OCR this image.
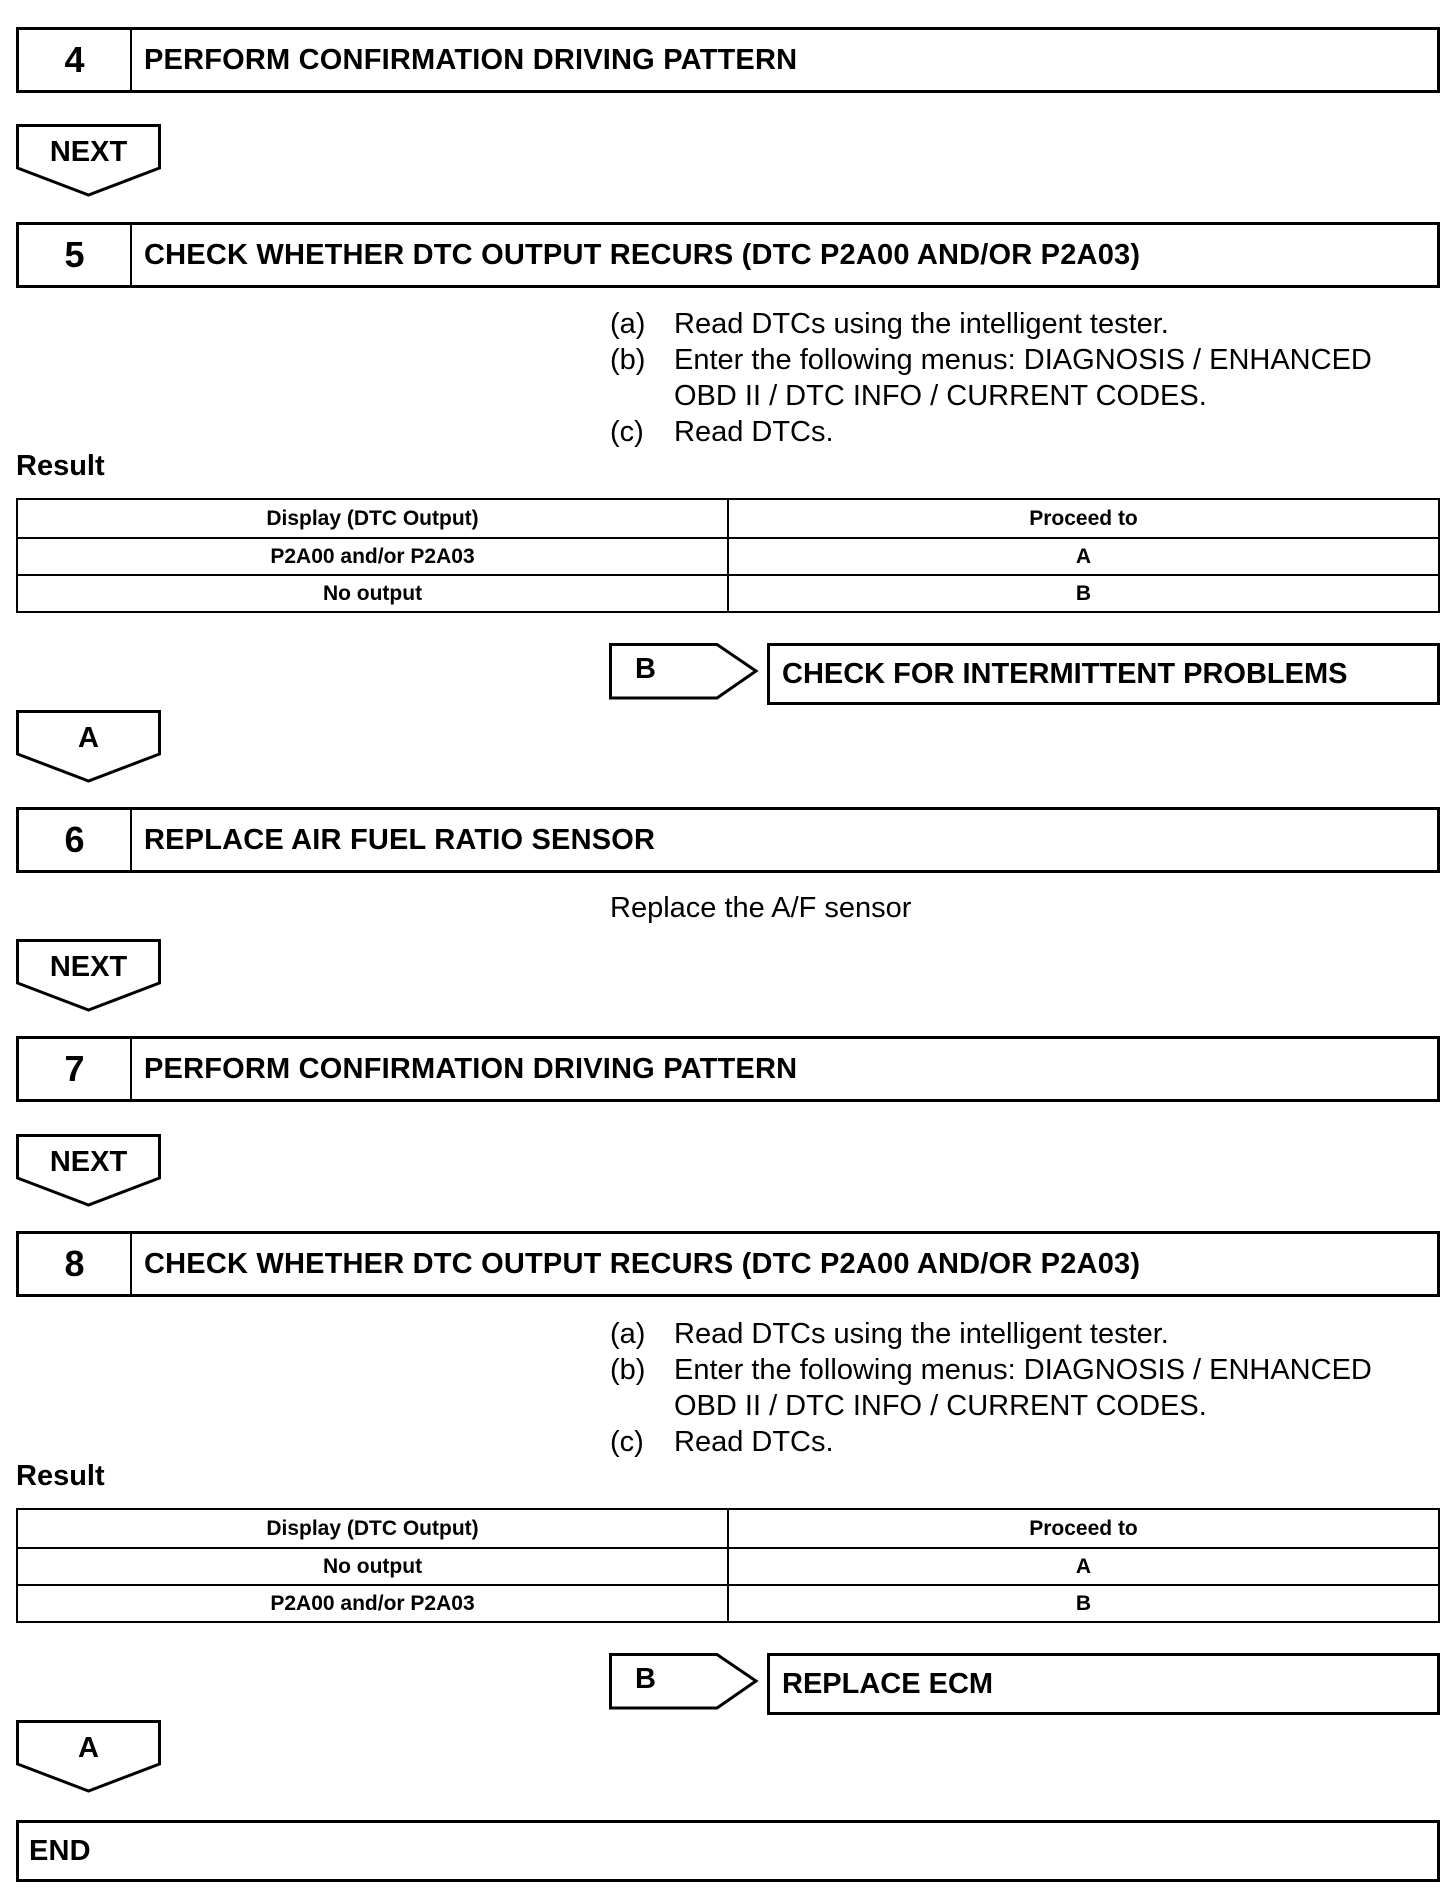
4	PERFORM CONFIRMATION DRIVING PATTERN
NEXT
5	CHECK WHETHER DTC OUTPUT RECURS (DTC P2A00 AND/OR P2A03)
(a) Read DTCs using the intelligent tester.
(b) Enter the following menus: DIAGNOSIS / ENHANCED
OBD II / DTC INFO / CURRENT CODES.
(c)	Read DTCs.
Result
Display (DTC Output)	Proceed to
P2A00 and/or P2A03	A
No output	B
B	CHECK FOR INTERMITTENT PROBLEMS
A
6	REPLACE AIR FUEL RATIO SENSOR
Replace the A/F sensor
NEXT
7	PERFORM CONFIRMATION DRIVING PATTERN
NEXT
8	CHECK WHETHER DTC OUTPUT RECURS (DTC P2A00 AND/OR P2A03)
(a) Read DTCs using the intelligent tester.
(b) Enter the following menus: DIAGNOSIS / ENHANCED
OBD II / DTC INFO / CURRENT CODES.
(c)	Read DTCs.
Result
Display (DTC Output)	Proceed to
No output	A
P2A00 and/or P2A03	B
B	REPLACE ECM
A
END
